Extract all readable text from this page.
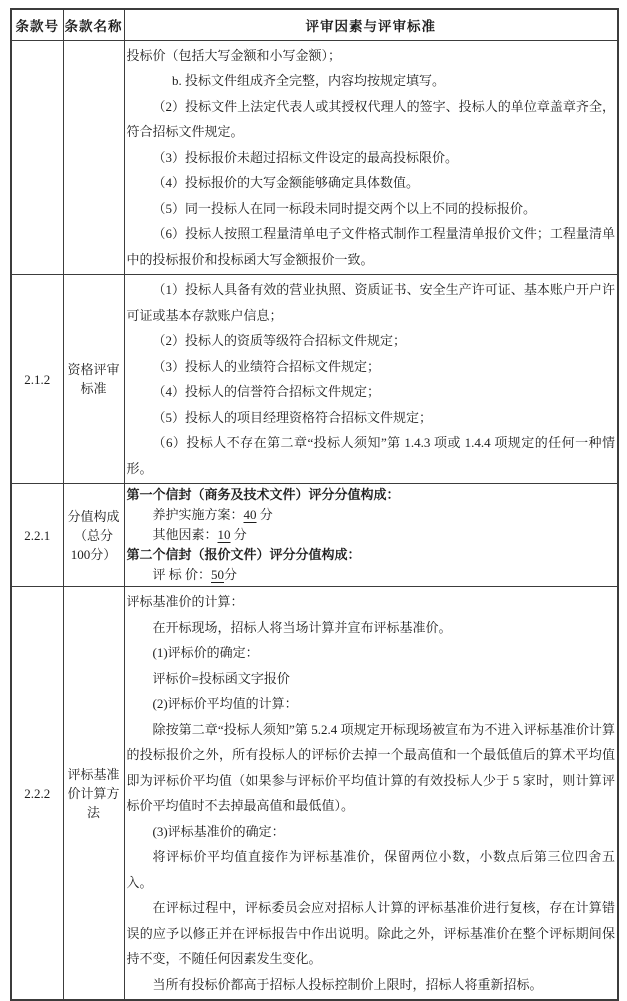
条款号	条款名称	评审因素与评审标准

投标价（包括大写金额和小写金额）；
b. 投标文件组成齐全完整，内容均按规定填写。
（2）投标文件上法定代表人或其授权代理人的签字、投标人的单位章盖章齐全，符合招标文件规定。
（3）投标报价未超过招标文件设定的最高投标限价。
（4）投标报价的大写金额能够确定具体数值。
（5）同一投标人在同一标段未同时提交两个以上不同的投标报价。
（6）投标人按照工程量清单电子文件格式制作工程量清单报价文件；工程量清单中的投标报价和投标函大写金额报价一致。

2.1.2	资格评审标准	
（1）投标人具备有效的营业执照、资质证书、安全生产许可证、基本账户开户许可证或基本存款账户信息；
（2）投标人的资质等级符合招标文件规定；
（3）投标人的业绩符合招标文件规定；
（4）投标人的信誉符合招标文件规定；
（5）投标人的项目经理资格符合招标文件规定；
（6）投标人不存在第二章“投标人须知”第 1.4.3 项或 1.4.4 项规定的任何一种情形。

2.2.1	分值构成（总分100分）	第一个信封（商务及技术文件）评分分值构成：
养护实施方案：40 分
其他因素：10 分
第二个信封（报价文件）评分分值构成：
评 标 价：50分

2.2.2	评标基准价计算方法	
评标基准价的计算：
在开标现场，招标人将当场计算并宣布评标基准价。
(1)评标价的确定：
评标价=投标函文字报价
(2)评标价平均值的计算：
除按第二章“投标人须知”第 5.2.4 项规定开标现场被宣布为不进入评标基准价计算的投标报价之外，所有投标人的评标价去掉一个最高值和一个最低值后的算术平均值即为评标价平均值（如果参与评标价平均值计算的有效投标人少于 5 家时，则计算评标价平均值时不去掉最高值和最低值）。
(3)评标基准价的确定：
将评标价平均值直接作为评标基准价，保留两位小数，小数点后第三位四舍五入。
在评标过程中，评标委员会应对招标人计算的评标基准价进行复核，存在计算错误的应予以修正并在评标报告中作出说明。除此之外，评标基准价在整个评标期间保持不变，不随任何因素发生变化。
当所有投标价都高于招标人投标控制价上限时，招标人将重新招标。
